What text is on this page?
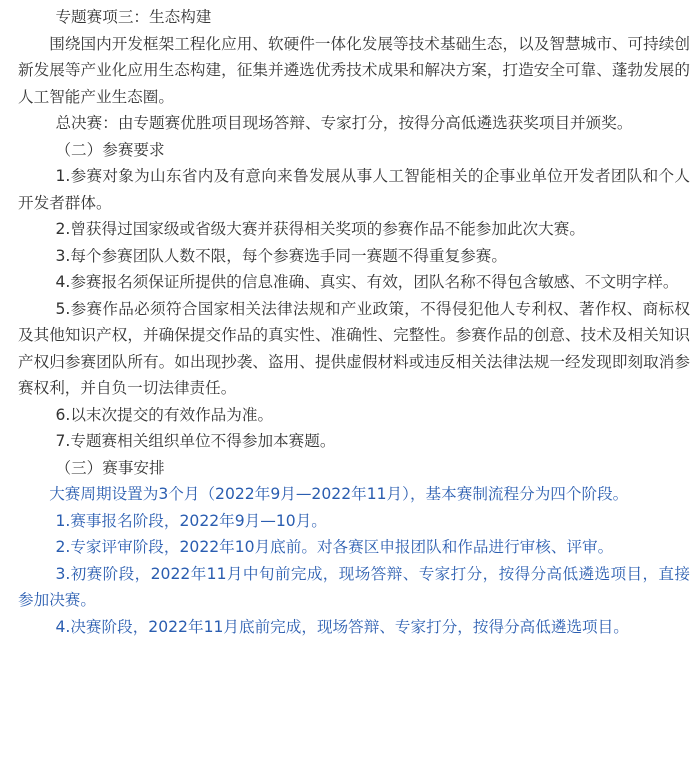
专题赛项三：生态构建

围绕国内开发框架工程化应用、软硬件一体化发展等技术基础生态，以及智慧城市、可持续创新发展等产业化应用生态构建，征集并遴选优秀技术成果和解决方案，打造安全可靠、蓬勃发展的人工智能产业生态圈。

总决赛：由专题赛优胜项目现场答辩、专家打分，按得分高低遴选获奖项目并颁奖。

（二）参赛要求

1.参赛对象为山东省内及有意向来鲁发展从事人工智能相关的企事业单位开发者团队和个人开发者群体。

2.曾获得过国家级或省级大赛并获得相关奖项的参赛作品不能参加此次大赛。

3.每个参赛团队人数不限，每个参赛选手同一赛题不得重复参赛。

4.参赛报名须保证所提供的信息准确、真实、有效，团队名称不得包含敏感、不文明字样。

5.参赛作品必须符合国家相关法律法规和产业政策，不得侵犯他人专利权、著作权、商标权及其他知识产权，并确保提交作品的真实性、准确性、完整性。参赛作品的创意、技术及相关知识产权归参赛团队所有。如出现抄袭、盗用、提供虚假材料或违反相关法律法规一经发现即刻取消参赛权利，并自负一切法律责任。

6.以末次提交的有效作品为准。

7.专题赛相关组织单位不得参加本赛题。

（三）赛事安排

大赛周期设置为3个月（2022年9月—2022年11月），基本赛制流程分为四个阶段。

1.赛事报名阶段，2022年9月—10月。

2.专家评审阶段，2022年10月底前。对各赛区申报团队和作品进行审核、评审。

3.初赛阶段，2022年11月中旬前完成，现场答辩、专家打分，按得分高低遴选项目，直接参加决赛。

4.决赛阶段，2022年11月底前完成，现场答辩、专家打分，按得分高低遴选项目。
